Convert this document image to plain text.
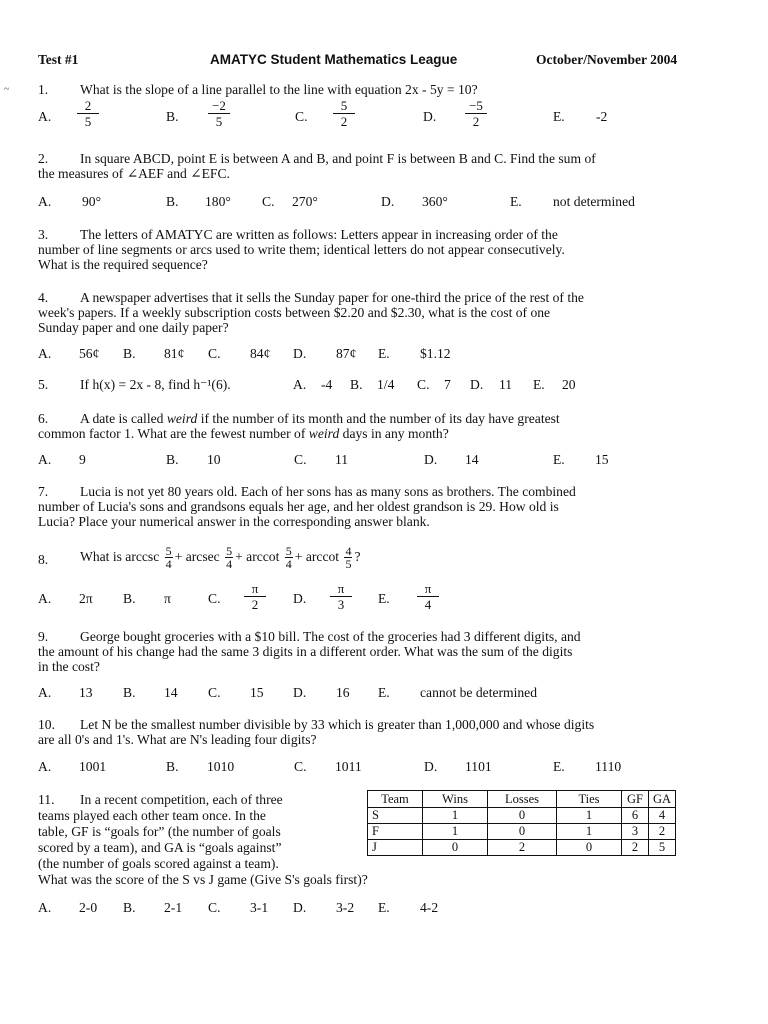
~
Test #1	AMATYC Student Mathematics League	October/November 2004
1. What is the slope of a line parallel to the line with equation 2x - 5y = 10?
A. $\frac{2}{5}$	B. $\frac{-2}{5}$	C. $\frac{5}{2}$	D. $\frac{-5}{2}$	E. -2
2. In square ABCD, point E is between A and B, and point F is between B and C. Find the sum of
the measures of ∠AEF and ∠EFC.
A. 90°	B. 180° C. 270°	D. 360°	E. not determined
3. The letters of AMATYC are written as follows: Letters appear in increasing order of the
number of line segments or arcs used to write them; identical letters do not appear consecutively.
What is the required sequence?
4. A newspaper advertises that it sells the Sunday paper for one-third the price of the rest of the
week's papers. If a weekly subscription costs between $2.20 and $2.30, what is the cost of one
Sunday paper and one daily paper?
A. 56¢ B. 81¢ C. 84¢ D. 87¢ E. $1.12
5. If h(x) = 2x - 8, find h⁻¹(6).	A. -4 B. 1/4 C. 7 D. 11 E. 20
6. A date is called weird if the number of its month and the number of its day have greatest
common factor 1. What are the fewest number of weird days in any month?
A. 9	B. 10	C. 11	D. 14	E. 15
7. Lucia is not yet 80 years old. Each of her sons has as many sons as brothers. The combined
number of Lucia's sons and grandsons equals her age, and her oldest grandson is 29. How old is
Lucia? Place your numerical answer in the corresponding answer blank.
8. What is arccsc $\frac{5}{4} + arcsec \frac{5}{4} + arccot \frac{5}{4} + arccot \frac{4}{5}$ ?
A. 2π B. π	C. $\frac{\pi}{2} D$. $\frac{\pi}{3} E$. $\frac{\pi}{4}$
9. George bought groceries with a $10 bill. The cost of the groceries had 3 different digits, and
the amount of his change had the same 3 digits in a different order. What was the sum of the digits
in the cost?
A. 13 B. 14 C. 15 D. 16 E. cannot be determined
10. Let N be the smallest number divisible by 33 which is greater than 1,000,000 and whose digits
are all 0's and 1's. What are N's leading four digits?
A. 1001	B. 1010	C. 1011	D. 1101	E. 1110
11. In a recent competition, each of three
teams played each other team once. In the
table, GF is “goals for” (the number of goals
scored by a team), and GA is “goals against”
(the number of goals scored against a team).
What was the score of the S vs J game (Give S's goals first)?
Team	Wins	Losses	Ties	GF	GA
S	1	0	1	6	4
F	1	0	1	3	2
J	0	2	0	2	5
A. 2-0 B. 2-1 C. 3-1 D. 3-2 E. 4-2
